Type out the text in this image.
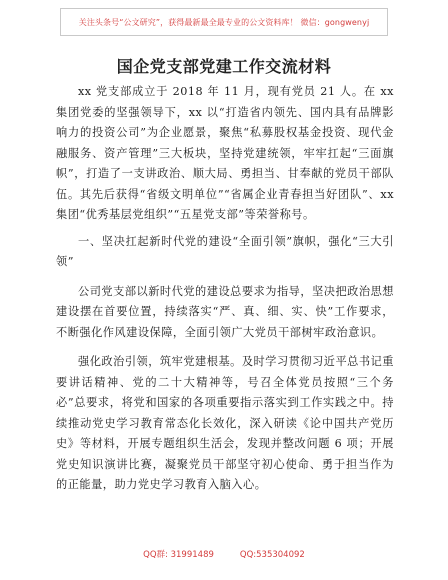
关注头条号“公文研究”，获得最新最全最专业的公文资料库！ 微信：gongwenyj
国企党支部党建工作交流材料

xx 党支部成立于 2018 年 11 月，现有党员 21 人。在 xx 集团党委的坚强领导下，xx 以“打造省内领先、国内具有品牌影响力的投资公司”为企业愿景，聚焦“私募股权基金投资、现代金融服务、资产管理”三大板块，坚持党建统领，牢牢扛起“三面旗帜”，打造了一支讲政治、顺大局、勇担当、甘奉献的党员干部队伍。其先后获得“省级文明单位”“省属企业青春担当好团队”、xx 集团“优秀基层党组织”“五星党支部”等荣誉称号。

一、坚决扛起新时代党的建设“全面引领”旗帜，强化“三大引领”

公司党支部以新时代党的建设总要求为指导，坚决把政治思想建设摆在首要位置，持续落实“严、真、细、实、快”工作要求，不断强化作风建设保障，全面引领广大党员干部树牢政治意识。

强化政治引领，筑牢党建根基。及时学习贯彻习近平总书记重要讲话精神、党的二十大精神等，号召全体党员按照“三个务必”总要求，将党和国家的各项重要指示落实到工作实践之中。持续推动党史学习教育常态化长效化，深入研读《论中国共产党历史》等材料，开展专题组织生活会，发现并整改问题 6 项；开展党史知识演讲比赛，凝聚党员干部坚守初心使命、勇于担当作为的正能量，助力党史学习教育入脑入心。

QQ群: 31991489	QQ:535304092
